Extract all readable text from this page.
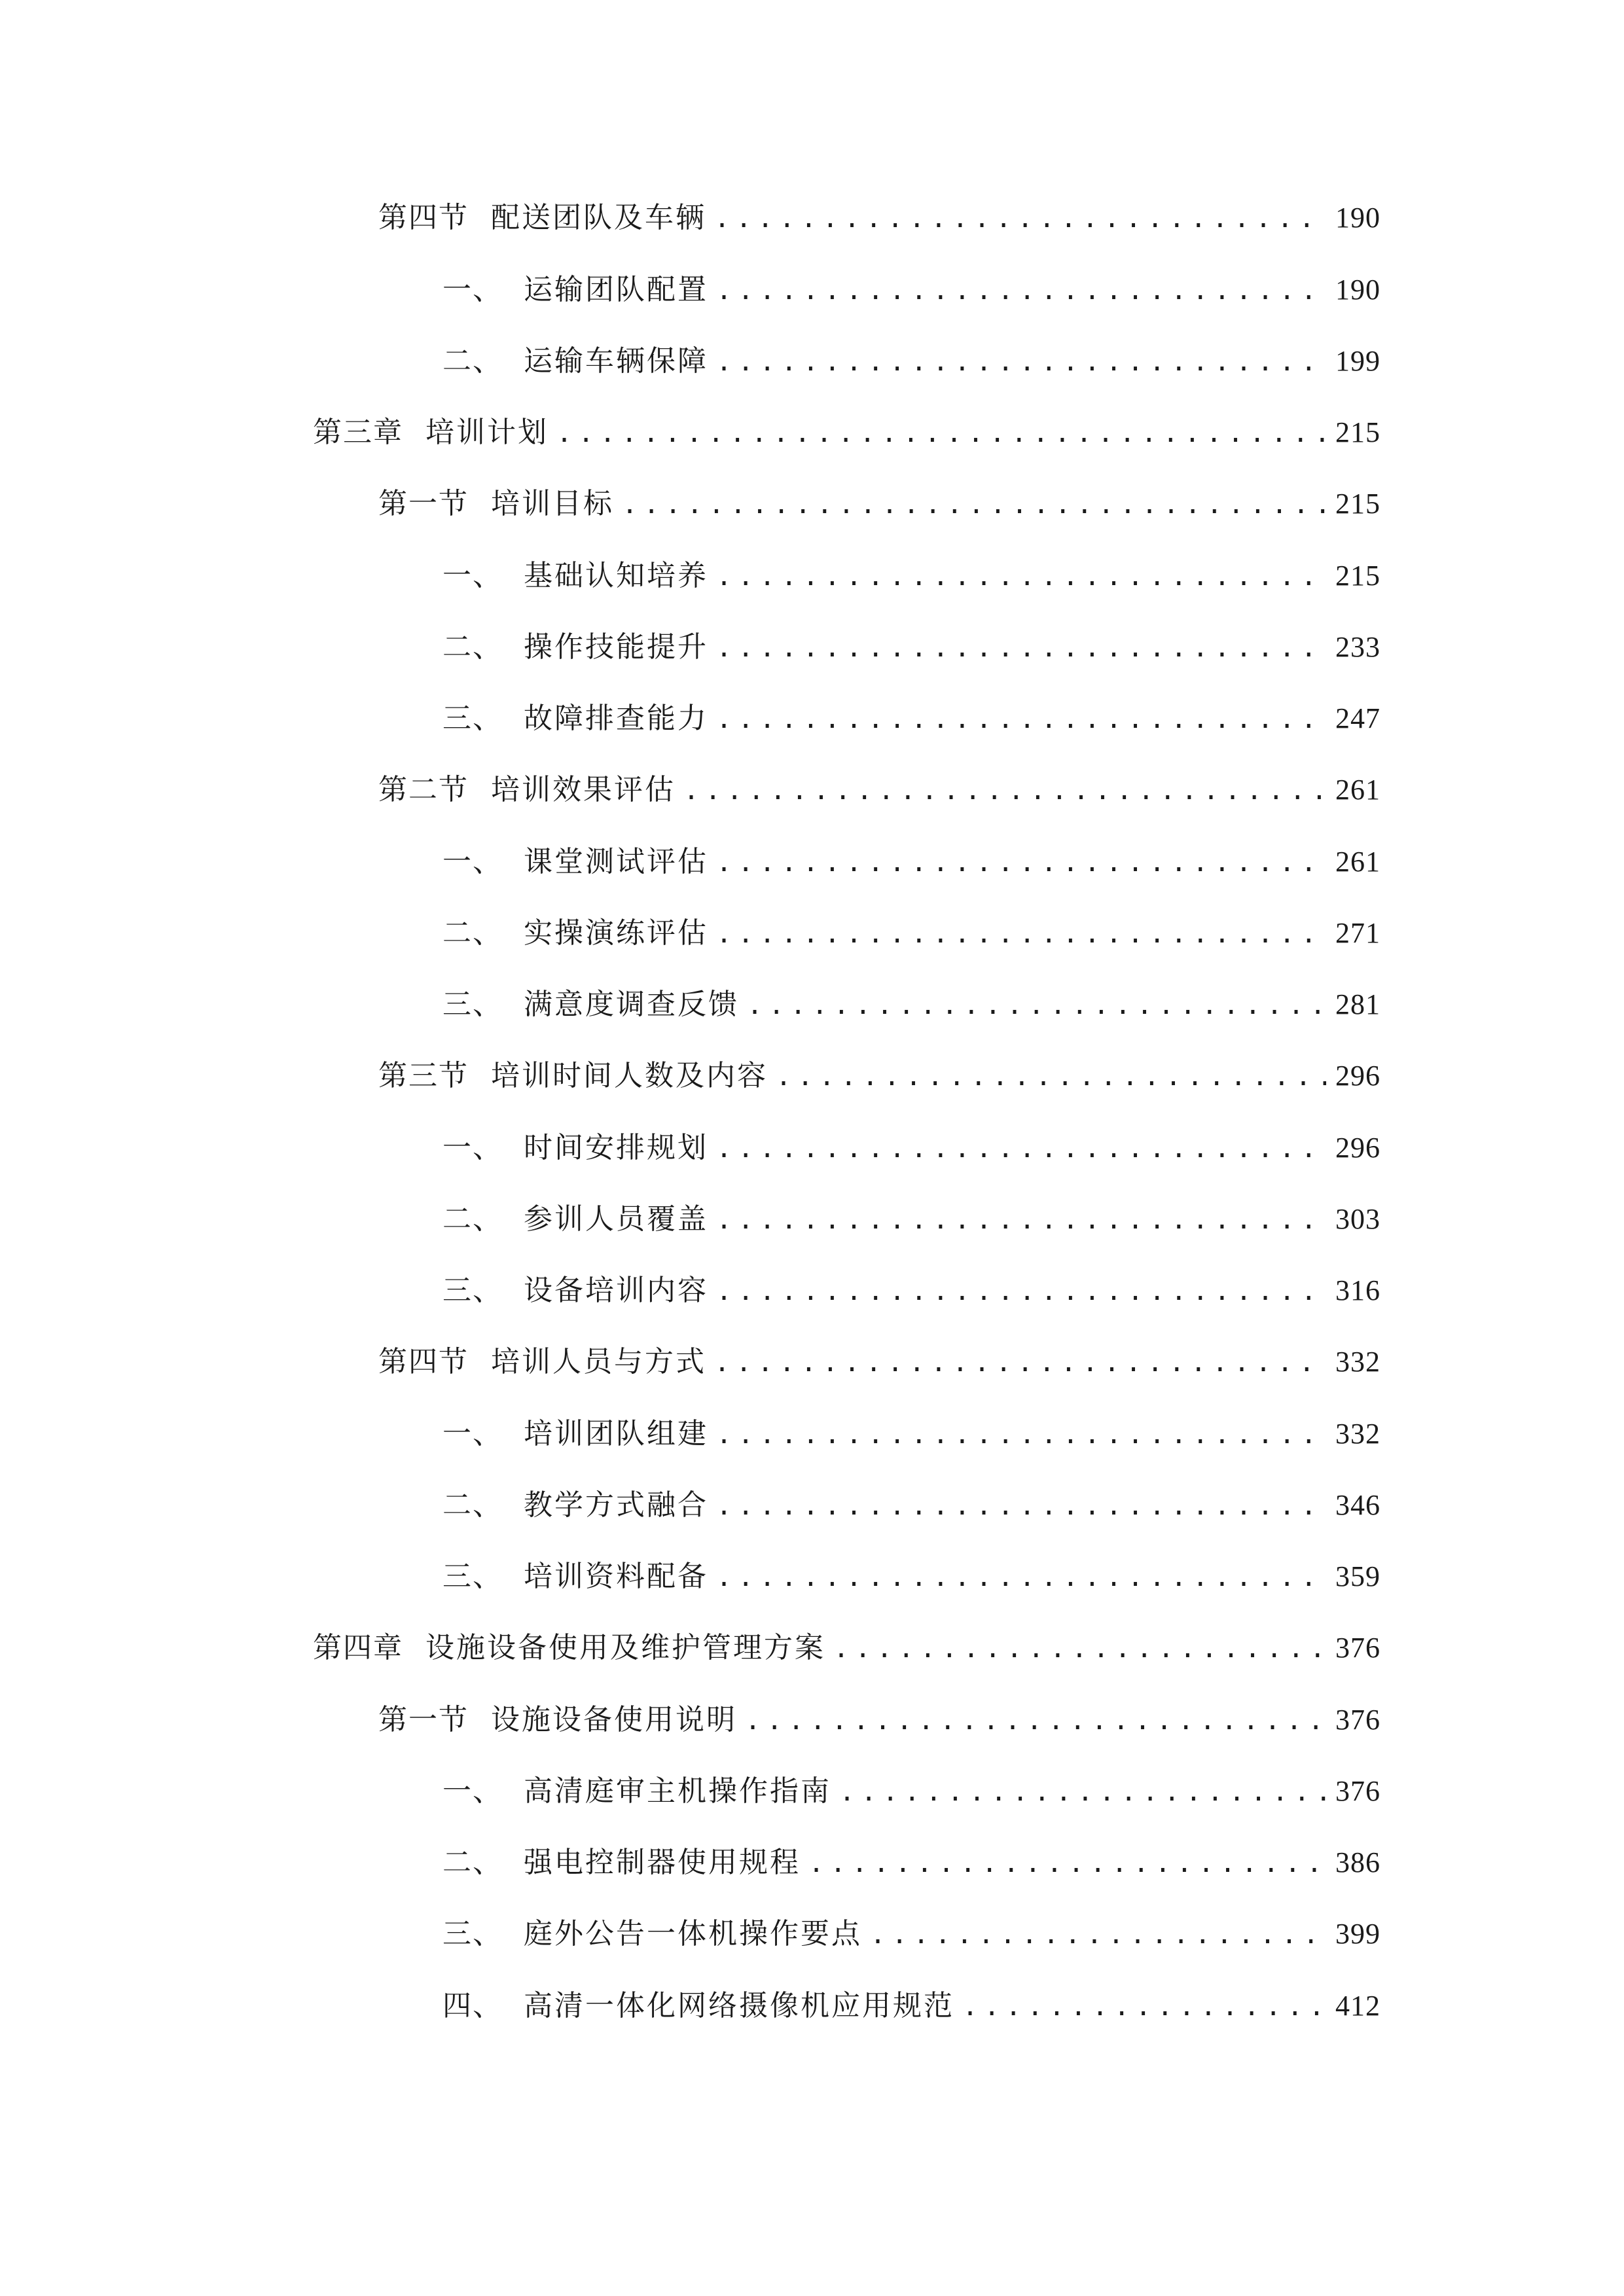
第四节 配送团队及车辆 .....	190
一、 运输团队配置 .....	190
二、 运输车辆保障 .....	199
第三章 培训计划 .....	215
第一节 培训目标 .....	215
一、 基础认知培养 .....	215
二、 操作技能提升 .....	233
三、 故障排查能力 .....	247
第二节 培训效果评估 .....	261
一、 课堂测试评估 .....	261
二、 实操演练评估 .....	271
三、 满意度调查反馈 .....	281
第三节 培训时间人数及内容 .....	296
一、 时间安排规划 .....	296
二、 参训人员覆盖 .....	303
三、 设备培训内容 .....	316
第四节 培训人员与方式 .....	332
一、 培训团队组建 .....	332
二、 教学方式融合 .....	346
三、 培训资料配备 .....	359
第四章 设施设备使用及维护管理方案 .....	376
第一节 设施设备使用说明 .....	376
一、 高清庭审主机操作指南 .....	376
二、 强电控制器使用规程 .....	386
三、 庭外公告一体机操作要点 .....	399
四、 高清一体化网络摄像机应用规范 .....	412
